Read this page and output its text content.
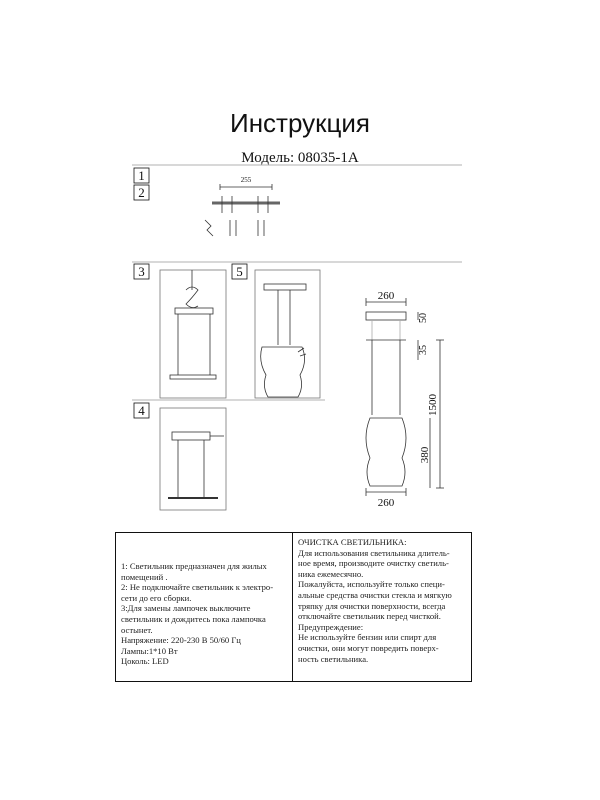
Инструкция
Модель: 08035-1A
255
260
50
35
1500
380
260
1
2
3	5
4
1: Светильник предназначен для жилых
помещений .
2: Не подключайте светильник к электро-
сети до его сборки.
3:Для замены лампочек выключите
светильник и дождитесь пока лампочка
остынет.
Напряжение: 220-230 В 50/60 Гц
Лампы:1*10 Вт
Цоколь: LED
ОЧИСТКА СВЕТИЛЬНИКА:
Для использования светильника длитель-
ное время, производите очистку светиль-
ника ежемесячно.
Пожалуйста, используйте только специ-
альные средства очистки стекла и мягкую
тряпку для очистки поверхности, всегда
отключайте светильник перед чисткой.
Предупреждение:
Не используйте бензин или спирт для
очистки, они могут повредить поверх-
ность светильника.
